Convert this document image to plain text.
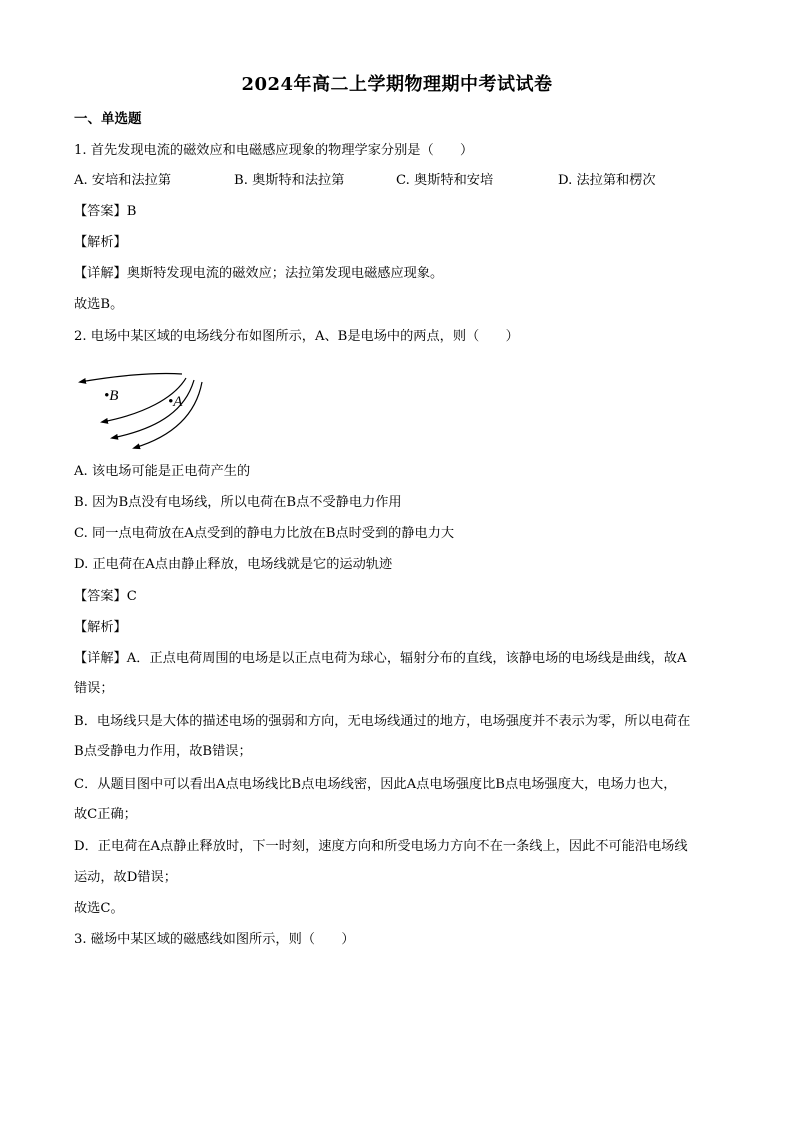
2024年高二上学期物理期中考试试卷
一、单选题
1. 首先发现电流的磁效应和电磁感应现象的物理学家分别是（　　）
A. 安培和法拉第	B. 奥斯特和法拉第	C. 奥斯特和安培	D. 法拉第和楞次
【答案】B
【解析】
【详解】奥斯特发现电流的磁效应；法拉第发现电磁感应现象。
故选B。
2. 电场中某区域的电场线分布如图所示，A、B是电场中的两点，则（　　）
•B	•A
A. 该电场可能是正电荷产生的
B. 因为B点没有电场线，所以电荷在B点不受静电力作用
C. 同一点电荷放在A点受到的静电力比放在B点时受到的静电力大
D. 正电荷在A点由静止释放，电场线就是它的运动轨迹
【答案】C
【解析】
【详解】A．正点电荷周围的电场是以正点电荷为球心，辐射分布的直线，该静电场的电场线是曲线，故A
错误；
B．电场线只是大体的描述电场的强弱和方向，无电场线通过的地方，电场强度并不表示为零，所以电荷在
B点受静电力作用，故B错误；
C．从题目图中可以看出A点电场线比B点电场线密，因此A点电场强度比B点电场强度大，电场力也大，
故C正确；
D．正电荷在A点静止释放时，下一时刻，速度方向和所受电场力方向不在一条线上，因此不可能沿电场线
运动，故D错误；
故选C。
3. 磁场中某区域的磁感线如图所示，则（　　）
